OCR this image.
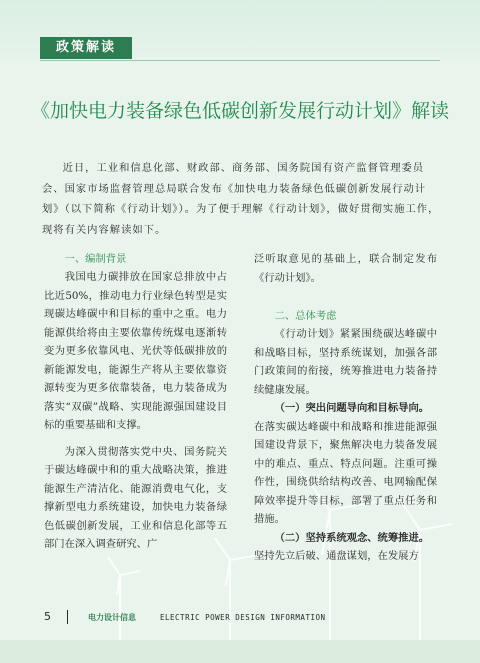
政策解读
《加快电力装备绿色低碳创新发展行动计划》解读
近日，工业和信息化部、财政部、商务部、国务院国有资产监督管理委员会、国家市场监督管理总局联合发布《加快电力装备绿色低碳创新发展行动计划》（以下简称《行动计划》）。为了便于理解《行动计划》，做好贯彻实施工作，现将有关内容解读如下。

一、编制背景

我国电力碳排放在国家总排放中占比近50%，推动电力行业绿色转型是实现碳达峰碳中和目标的重中之重。电力能源供给将由主要依靠传统煤电逐渐转变为更多依靠风电、光伏等低碳排放的新能源发电，能源生产将从主要依靠资源转变为更多依靠装备，电力装备成为落实“双碳”战略、实现能源强国建设目标的重要基础和支撑。

为深入贯彻落实党中央、国务院关于碳达峰碳中和的重大战略决策，推进能源生产清洁化、能源消费电气化，支撑新型电力系统建设，加快电力装备绿色低碳创新发展，工业和信息化部等五部门在深入调查研究、广

泛听取意见的基础上，联合制定发布《行动计划》。

二、总体考虑

《行动计划》紧紧围绕碳达峰碳中和战略目标，坚持系统谋划，加强各部门政策间的衔接，统筹推进电力装备持续健康发展。

（一）突出问题导向和目标导向。

在落实碳达峰碳中和战略和推进能源强国建设背景下，聚焦解决电力装备发展中的难点、重点、特点问题。注重可操作性，围绕供给结构改善、电网输配保障效率提升等目标，部署了重点任务和措施。

（二）坚持系统观念、统筹推进。

坚持先立后破、通盘谋划，在发展方

5	电力设计信息	ELECTRIC POWER DESIGN INFORMATION
